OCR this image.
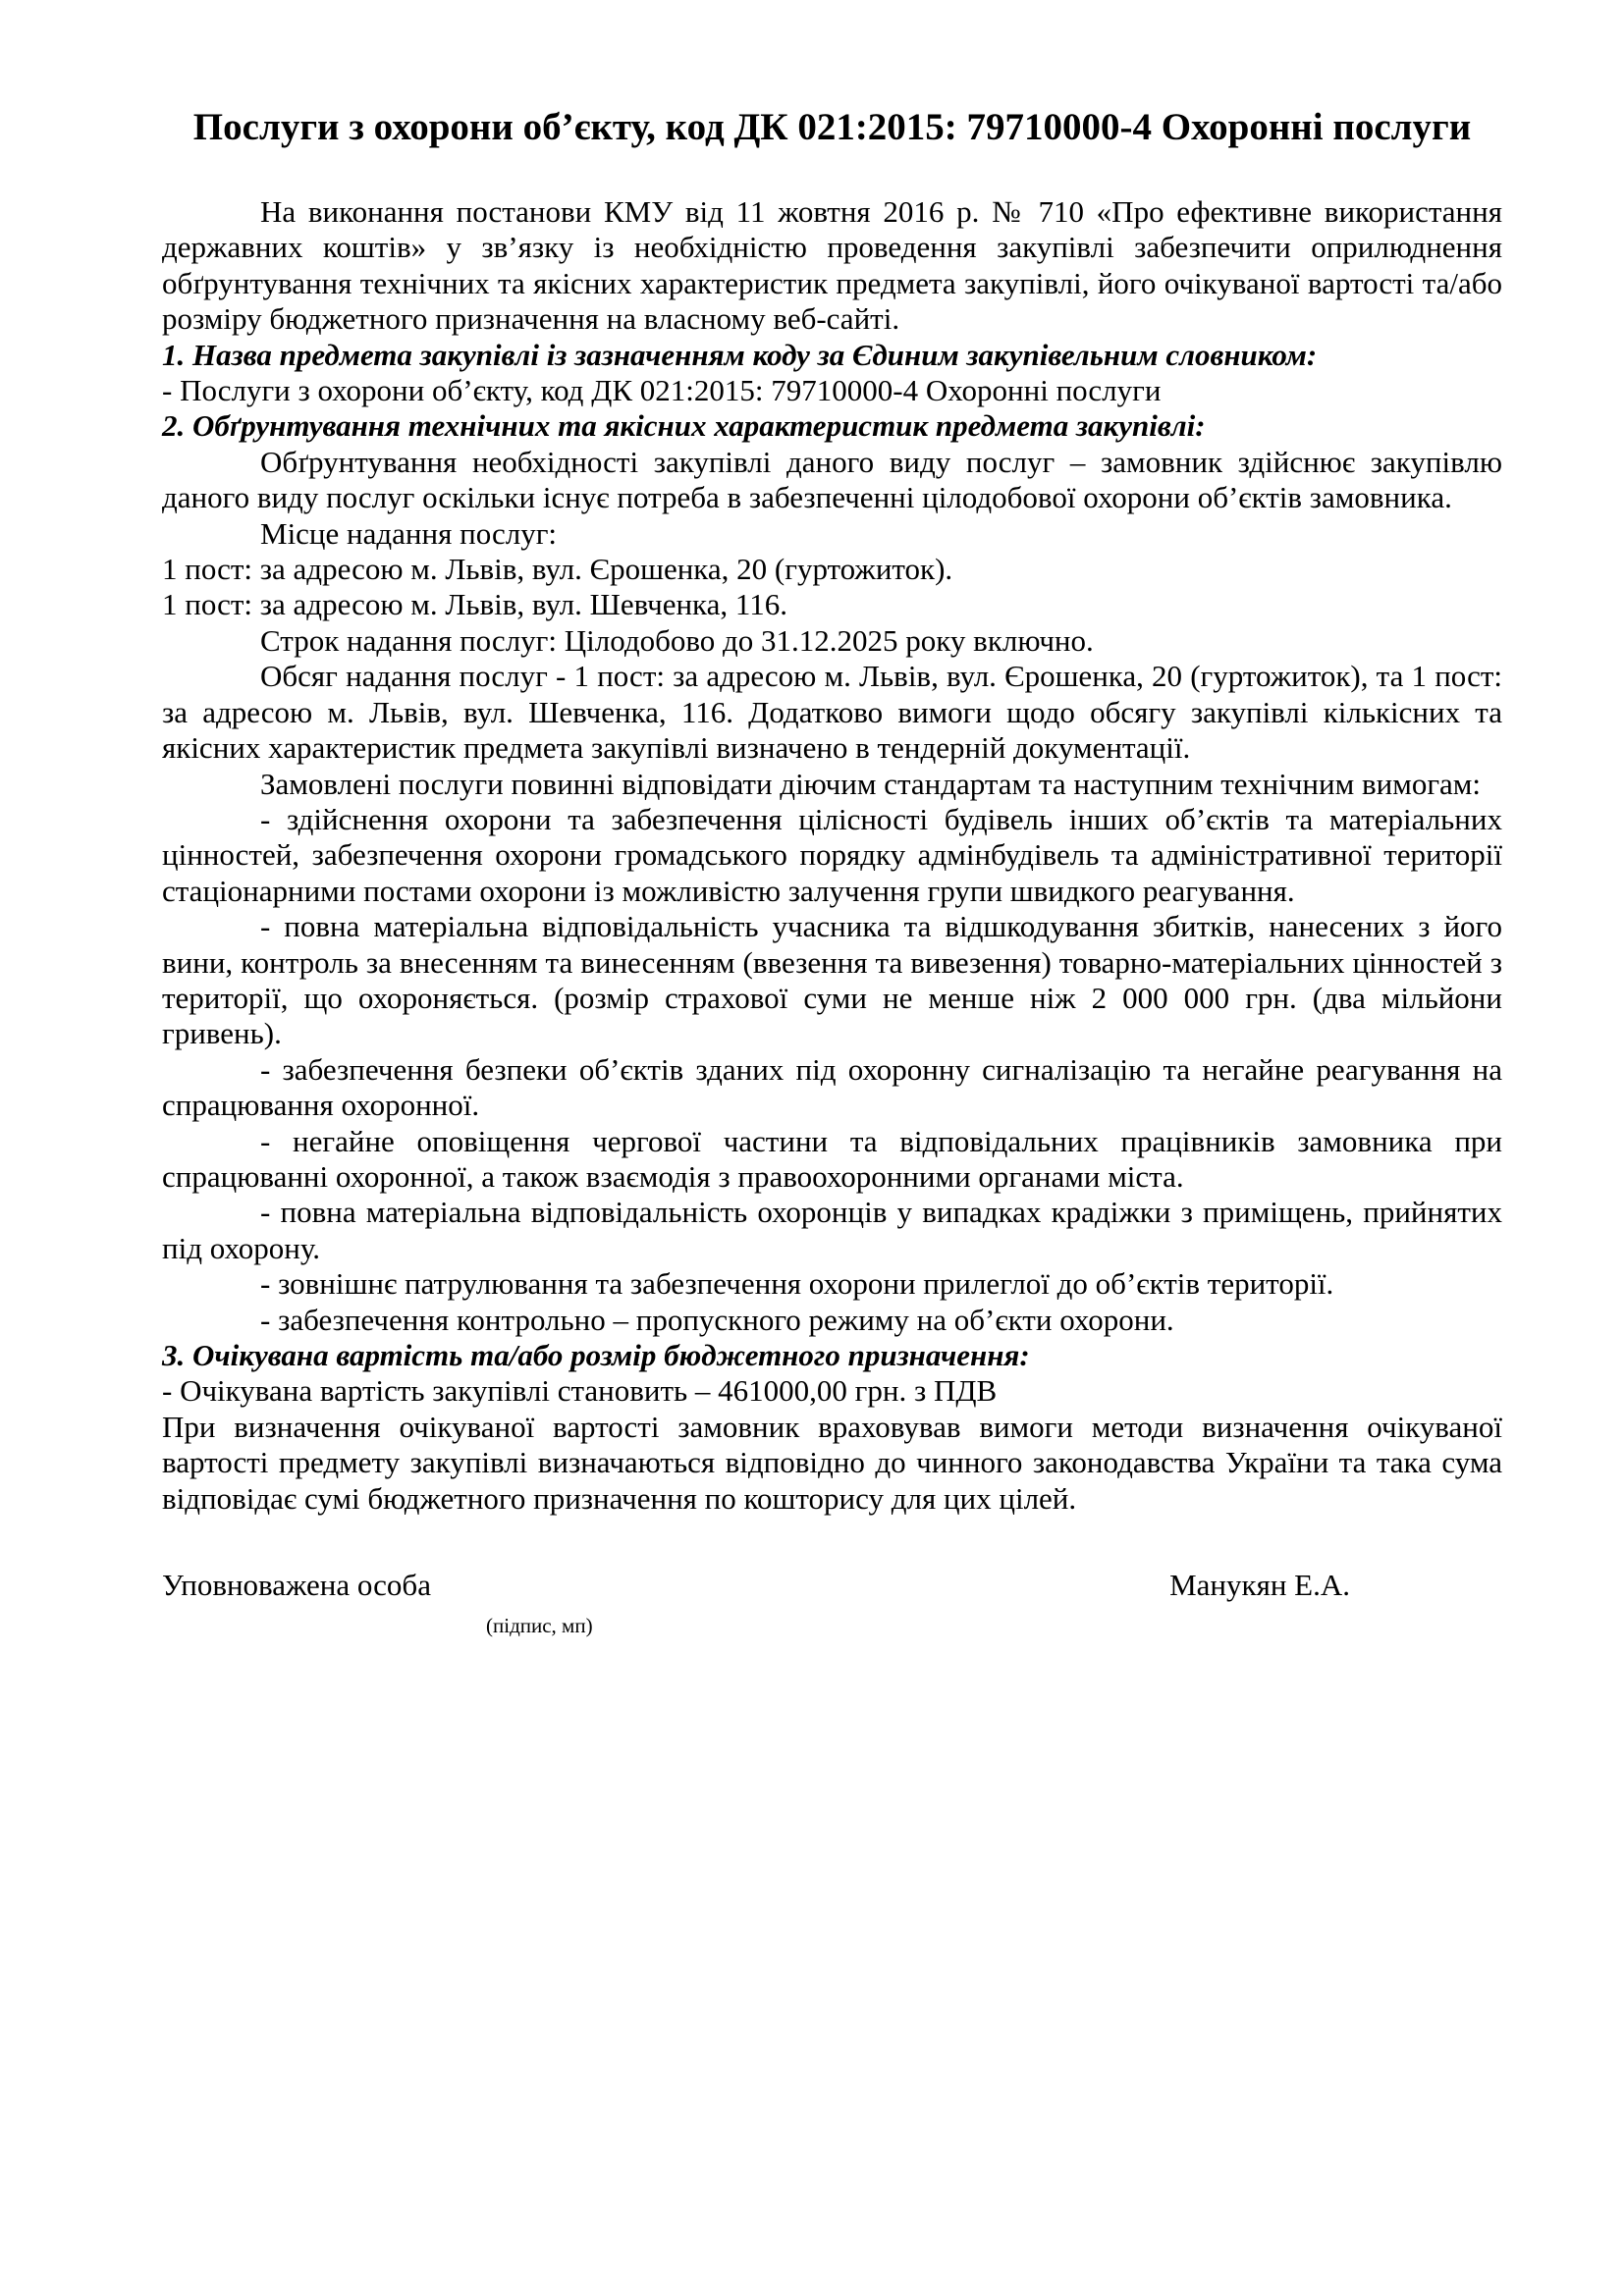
Послуги з охорони об’єкту, код ДК 021:2015: 79710000-4 Охоронні послуги

На виконання постанови КМУ від 11 жовтня 2016 р. № 710 «Про ефективне використання державних коштів» у зв’язку із необхідністю проведення закупівлі забезпечити оприлюднення обґрунтування технічних та якісних характеристик предмета закупівлі, його очікуваної вартості та/або розміру бюджетного призначення на власному веб-сайті.

1. Назва предмета закупівлі із зазначенням коду за Єдиним закупівельним словником:

- Послуги з охорони об’єкту, код ДК 021:2015: 79710000-4 Охоронні послуги

2. Обґрунтування технічних та якісних характеристик предмета закупівлі:

Обґрунтування необхідності закупівлі даного виду послуг – замовник здійснює закупівлю даного виду послуг оскільки існує потреба в забезпеченні цілодобової охорони об’єктів замовника.

Місце надання послуг:

1 пост: за адресою м. Львів, вул. Єрошенка, 20 (гуртожиток).

1 пост: за адресою м. Львів, вул. Шевченка, 116.

Строк надання послуг: Цілодобово до 31.12.2025 року включно.

Обсяг надання послуг - 1 пост: за адресою м. Львів, вул. Єрошенка, 20 (гуртожиток), та 1 пост: за адресою м. Львів, вул. Шевченка, 116. Додатково вимоги щодо обсягу закупівлі кількісних та якісних характеристик предмета закупівлі визначено в тендерній документації.

Замовлені послуги повинні відповідати діючим стандартам та наступним технічним вимогам:

- здійснення охорони та забезпечення цілісності будівель інших об’єктів та матеріальних цінностей, забезпечення охорони громадського порядку адмінбудівель та адміністративної території стаціонарними постами охорони із можливістю залучення групи швидкого реагування.

- повна матеріальна відповідальність учасника та відшкодування збитків, нанесених з його вини, контроль за внесенням та винесенням (ввезення та вивезення) товарно-матеріальних цінностей з території, що охороняється. (розмір страхової суми не менше ніж 2 000 000 грн. (два мільйони гривень).

- забезпечення безпеки об’єктів зданих під охоронну сигналізацію та негайне реагування на спрацювання охоронної.

- негайне оповіщення чергової частини та відповідальних працівників замовника при спрацюванні охоронної, а також взаємодія з правоохоронними органами міста.

- повна матеріальна відповідальність охоронців у випадках крадіжки з приміщень, прийнятих під охорону.

- зовнішнє патрулювання та забезпечення охорони прилеглої до об’єктів території.

- забезпечення контрольно – пропускного режиму на об’єкти охорони.

3. Очікувана вартість та/або розмір бюджетного призначення:

- Очікувана вартість закупівлі становить – 461000,00 грн. з ПДВ

При визначення очікуваної вартості замовник враховував вимоги методи визначення очікуваної вартості предмету закупівлі визначаються відповідно до чинного законодавства України та така сума відповідає сумі бюджетного призначення по кошторису для цих цілей.

Уповноважена особа	Манукян Е.А.
(підпис, мп)
